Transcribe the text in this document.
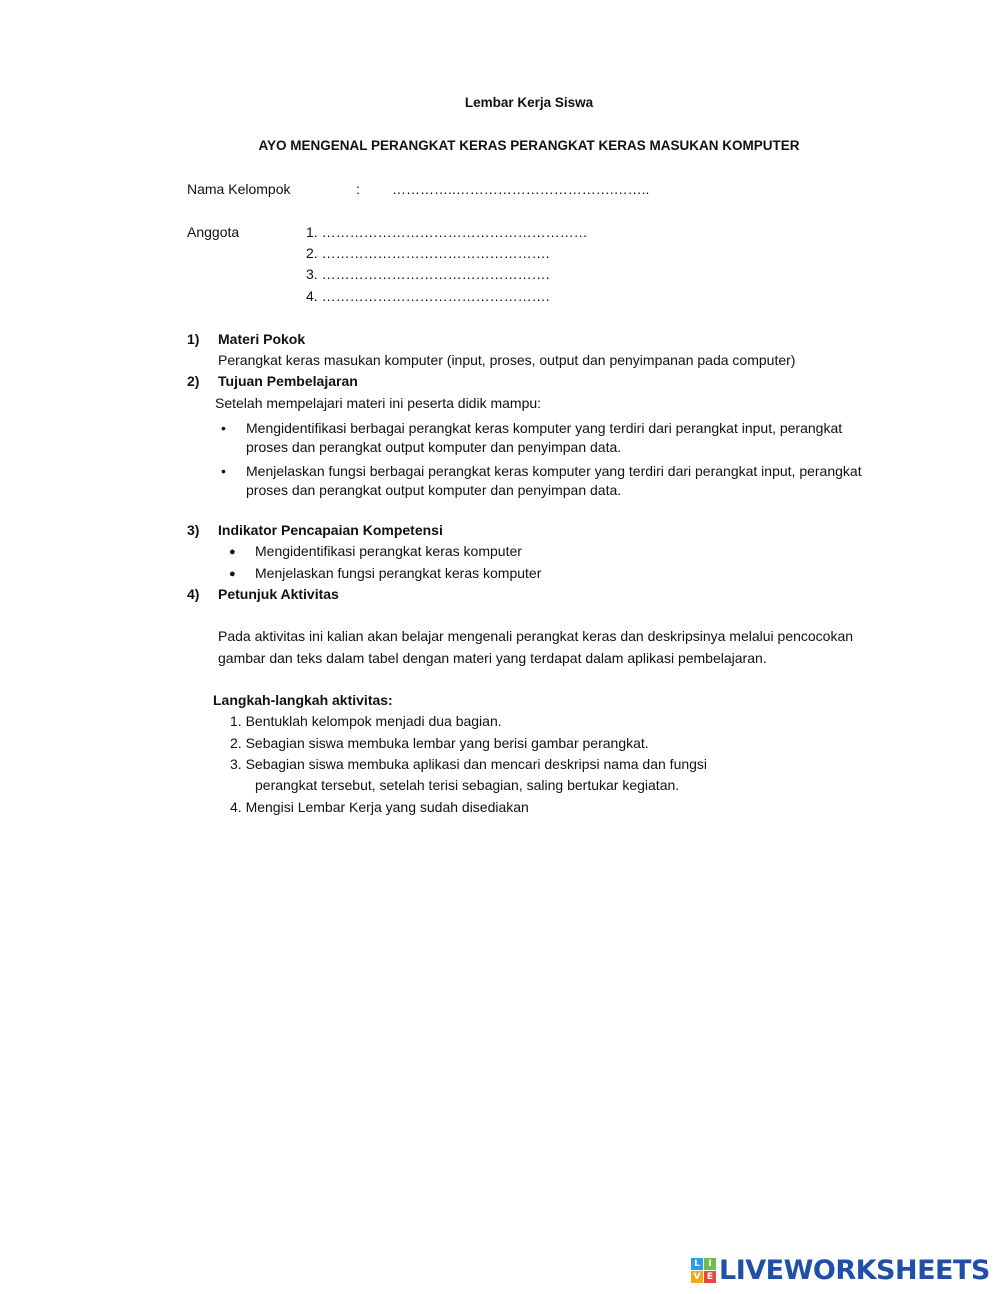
Lembar Kerja Siswa
AYO MENGENAL PERANGKAT KERAS PERANGKAT KERAS MASUKAN KOMPUTER
Nama Kelompok	: …………..…………………………….……..
Anggota	1. …………………………………………………
2. ………………………………………….
3. ………………………………………….
4. ………………………………………….
1) Materi Pokok
Perangkat keras masukan komputer (input, proses, output dan penyimpanan pada computer)
2) Tujuan Pembelajaran
Setelah mempelajari materi ini peserta didik mampu:
• Mengidentifikasi berbagai perangkat keras komputer yang terdiri dari perangkat input, perangkat
proses dan perangkat output komputer dan penyimpan data.
• Menjelaskan fungsi berbagai perangkat keras komputer yang terdiri dari perangkat input, perangkat
proses dan perangkat output komputer dan penyimpan data.
3) Indikator Pencapaian Kompetensi
● Mengidentifikasi perangkat keras komputer
● Menjelaskan fungsi perangkat keras komputer
4) Petunjuk Aktivitas
Pada aktivitas ini kalian akan belajar mengenali perangkat keras dan deskripsinya melalui pencocokan
gambar dan teks dalam tabel dengan materi yang terdapat dalam aplikasi pembelajaran.
Langkah-langkah aktivitas:
1. Bentuklah kelompok menjadi dua bagian.
2. Sebagian siswa membuka lembar yang berisi gambar perangkat.
3. Sebagian siswa membuka aplikasi dan mencari deskripsi nama dan fungsi
perangkat tersebut, setelah terisi sebagian, saling bertukar kegiatan.
4. Mengisi Lembar Kerja yang sudah disediakan
L I
V E LIVEWORKSHEETS
